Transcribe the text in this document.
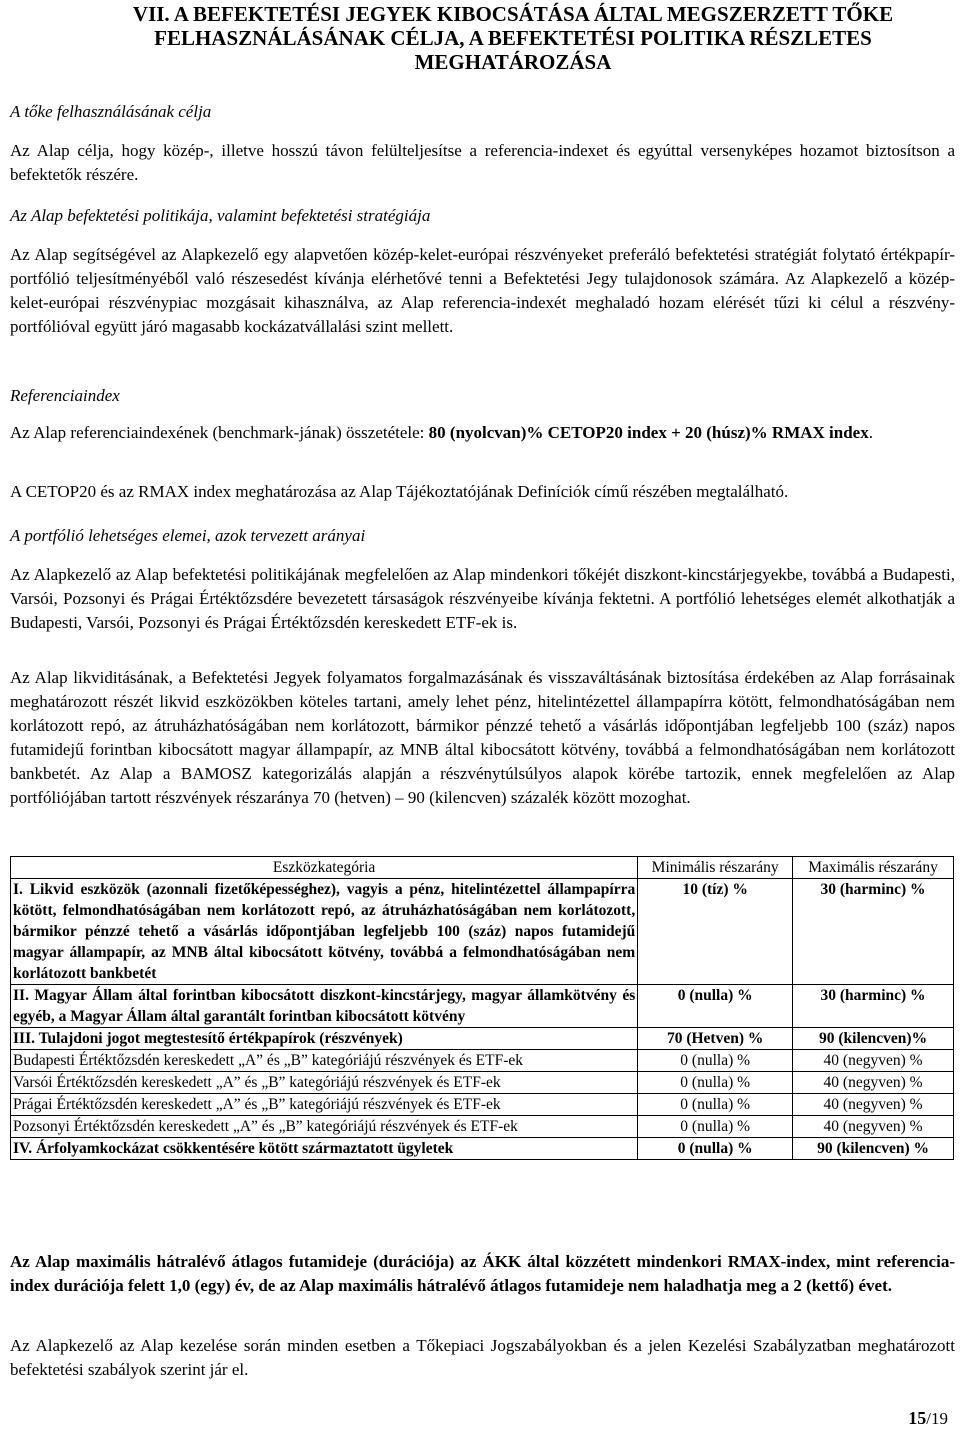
VII. A BEFEKTETÉSI JEGYEK KIBOCSÁTÁSA ÁLTAL MEGSZERZETT TŐKE FELHASZNÁLÁSÁNAK CÉLJA, A BEFEKTETÉSI POLITIKA RÉSZLETES MEGHATÁROZÁSA

A tőke felhasználásának célja

Az Alap célja, hogy közép-, illetve hosszú távon felülteljesítse a referencia-indexet és egyúttal versenyképes hozamot biztosítson a befektetők részére.

Az Alap befektetési politikája, valamint befektetési stratégiája

Az Alap segítségével az Alapkezelő egy alapvetően közép-kelet-európai részvényeket preferáló befektetési stratégiát folytató értékpapír-portfólió teljesítményéből való részesedést kívánja elérhetővé tenni a Befektetési Jegy tulajdonosok számára. Az Alapkezelő a közép-kelet-európai részvénypiac mozgásait kihasználva, az Alap referencia-indexét meghaladó hozam elérését tűzi ki célul a részvény-portfólióval együtt járó magasabb kockázatvállalási szint mellett.

Referenciaindex

Az Alap referenciaindexének (benchmark-jának) összetétele: 80 (nyolcvan)% CETOP20 index + 20 (húsz)% RMAX index.

A CETOP20 és az RMAX index meghatározása az Alap Tájékoztatójának Definíciók című részében megtalálható.

A portfólió lehetséges elemei, azok tervezett arányai

Az Alapkezelő az Alap befektetési politikájának megfelelően az Alap mindenkori tőkéjét diszkont-kincstárjegyekbe, továbbá a Budapesti, Varsói, Pozsonyi és Prágai Értéktőzsdére bevezetett társaságok részvényeibe kívánja fektetni. A portfólió lehetséges elemét alkothatják a Budapesti, Varsói, Pozsonyi és Prágai Értéktőzsdén kereskedett ETF-ek is.

Az Alap likviditásának, a Befektetési Jegyek folyamatos forgalmazásának és visszaváltásának biztosítása érdekében az Alap forrásainak meghatározott részét likvid eszközökben köteles tartani, amely lehet pénz, hitelintézettel állampapírra kötött, felmondhatóságában nem korlátozott repó, az átruházhatóságában nem korlátozott, bármikor pénzzé tehető a vásárlás időpontjában legfeljebb 100 (száz) napos futamidejű forintban kibocsátott magyar állampapír, az MNB által kibocsátott kötvény, továbbá a felmondhatóságában nem korlátozott bankbetét. Az Alap a BAMOSZ kategorizálás alapján a részvénytúlsúlyos alapok körébe tartozik, ennek megfelelően az Alap portfóliójában tartott részvények részaránya 70 (hetven) – 90 (kilencven) százalék között mozoghat.

Eszközkategória	Minimális részarány	Maximális részarány
I. Likvid eszközök (azonnali fizetőképességhez), vagyis a pénz, hitelintézettel állampapírra kötött, felmondhatóságában nem korlátozott repó, az átruházhatóságában nem korlátozott, bármikor pénzzé tehető a vásárlás időpontjában legfeljebb 100 (száz) napos futamidejű magyar állampapír, az MNB által kibocsátott kötvény, továbbá a felmondhatóságában nem korlátozott bankbetét	10 (tíz) %	30 (harminc) %
II. Magyar Állam által forintban kibocsátott diszkont-kincstárjegy, magyar államkötvény és egyéb, a Magyar Állam által garantált forintban kibocsátott kötvény	0 (nulla) %	30 (harminc) %
III. Tulajdoni jogot megtestesítő értékpapírok (részvények)	70 (Hetven) %	90 (kilencven)%
Budapesti Értéktőzsdén kereskedett „A” és „B” kategóriájú részvények és ETF-ek	0 (nulla) %	40 (negyven) %
Varsói Értéktőzsdén kereskedett „A” és „B” kategóriájú részvények és ETF-ek	0 (nulla) %	40 (negyven) %
Prágai Értéktőzsdén kereskedett „A” és „B” kategóriájú részvények és ETF-ek	0 (nulla) %	40 (negyven) %
Pozsonyi Értéktőzsdén kereskedett „A” és „B” kategóriájú részvények és ETF-ek	0 (nulla) %	40 (negyven) %
IV. Árfolyamkockázat csökkentésére kötött származtatott ügyletek	0 (nulla) %	90 (kilencven) %

Az Alap maximális hátralévő átlagos futamideje (durációja) az ÁKK által közzétett mindenkori RMAX-index, mint referencia-index durációja felett 1,0 (egy) év, de az Alap maximális hátralévő átlagos futamideje nem haladhatja meg a 2 (kettő) évet.

Az Alapkezelő az Alap kezelése során minden esetben a Tőkepiaci Jogszabályokban és a jelen Kezelési Szabályzatban meghatározott befektetési szabályok szerint jár el.

15/19
